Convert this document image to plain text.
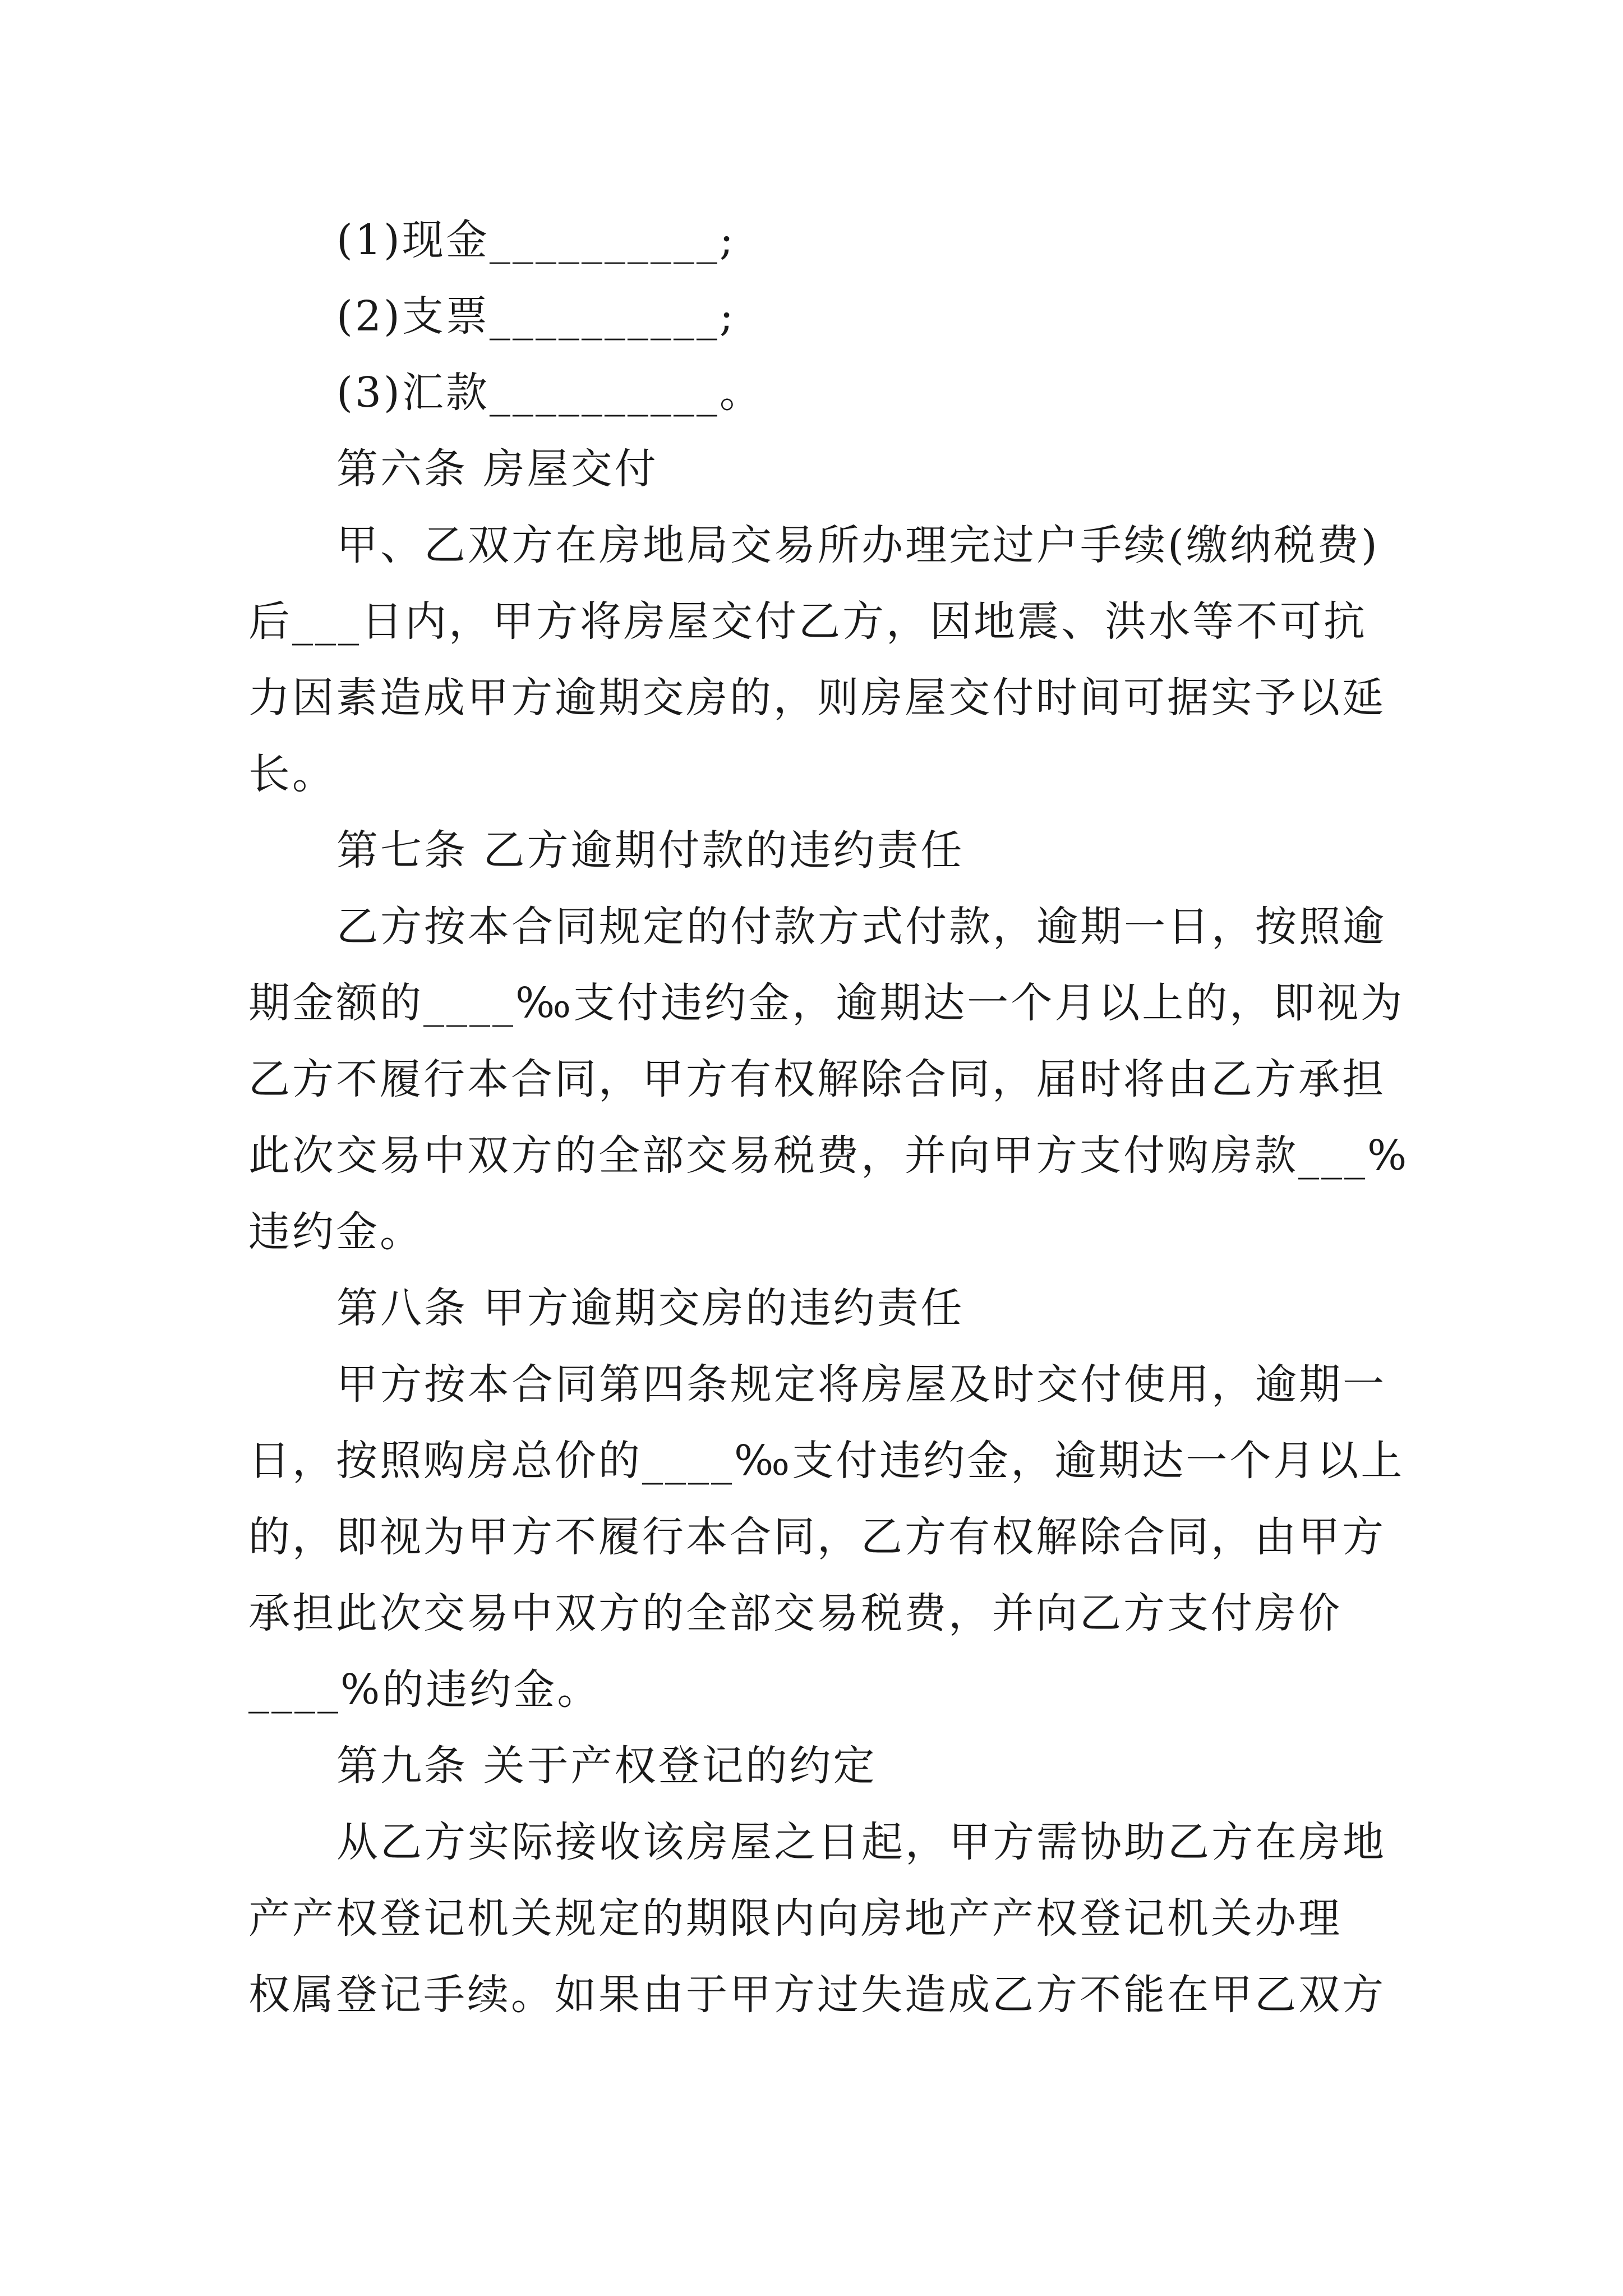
(1)现金__________;

(2)支票__________;

(3)汇款__________。

第六条 房屋交付

甲、乙双方在房地局交易所办理完过户手续(缴纳税费)

后___日内，甲方将房屋交付乙方，因地震、洪水等不可抗

力因素造成甲方逾期交房的，则房屋交付时间可据实予以延

长。

第七条 乙方逾期付款的违约责任

乙方按本合同规定的付款方式付款，逾期一日，按照逾

期金额的____‰支付违约金，逾期达一个月以上的，即视为

乙方不履行本合同，甲方有权解除合同，届时将由乙方承担

此次交易中双方的全部交易税费，并向甲方支付购房款___%

违约金。

第八条 甲方逾期交房的违约责任

甲方按本合同第四条规定将房屋及时交付使用，逾期一

日，按照购房总价的____‰支付违约金，逾期达一个月以上

的，即视为甲方不履行本合同，乙方有权解除合同，由甲方

承担此次交易中双方的全部交易税费，并向乙方支付房价

____%的违约金。

第九条 关于产权登记的约定

从乙方实际接收该房屋之日起，甲方需协助乙方在房地

产产权登记机关规定的期限内向房地产产权登记机关办理

权属登记手续。如果由于甲方过失造成乙方不能在甲乙双方
